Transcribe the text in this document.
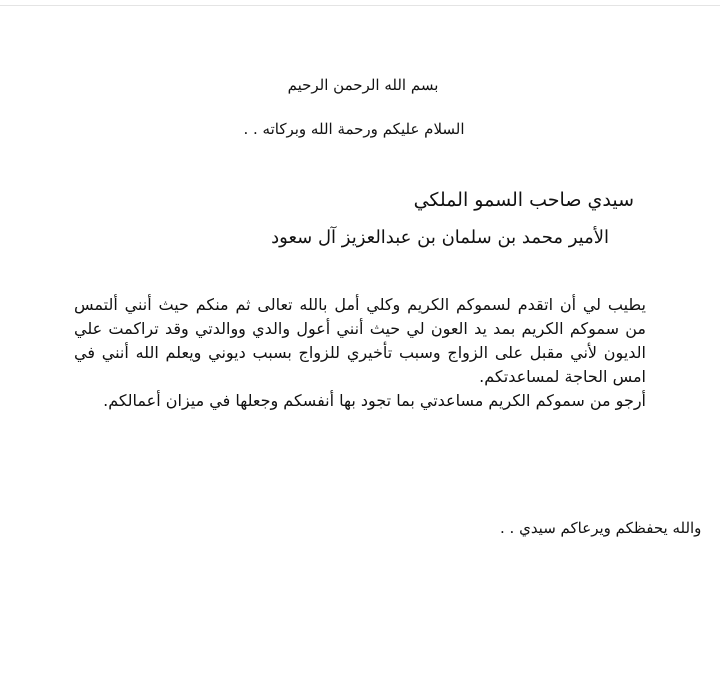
بسم الله الرحمن الرحيم
السلام عليكم ورحمة الله وبركاته . .
سيدي صاحب السمو الملكي
الأمير محمد بن سلمان بن عبدالعزيز آل سعود

يطيب لي أن اتقدم لسموكم الكريم وكلي أمل بالله تعالى ثم منكم حيث أنني ألتمس من سموكم الكريم بمد يد العون لي حيث أنني أعول والدي ووالدتي وقد تراكمت علي الديون لأني مقبل على الزواج وسبب تأخيري للزواج بسبب ديوني ويعلم الله أنني في امس الحاجة لمساعدتكم.

أرجو من سموكم الكريم مساعدتي بما تجود بها أنفسكم وجعلها في ميزان أعمالكم.

والله يحفظكم ويرعاكم سيدي . .
